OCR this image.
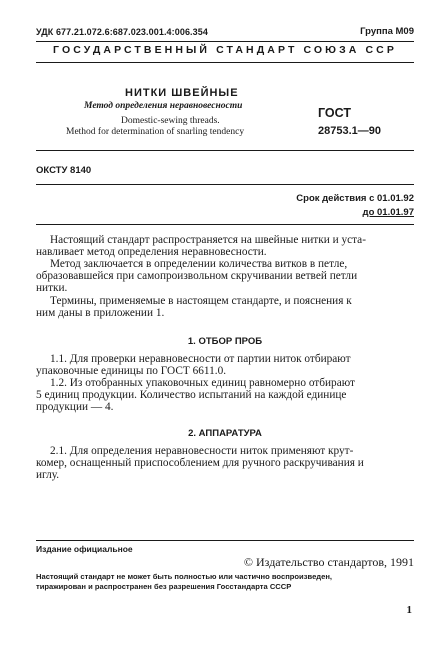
УДК 677.21.072.6:687.023.001.4:006.354	Группа М09
ГОСУДАРСТВЕННЫЙ СТАНДАРТ СОЮЗА ССР
НИТКИ ШВЕЙНЫЕ
Метод определения неравновесности
Domestic-sewing threads.
Method for determination of snarling tendency
ГОСТ
28753.1—90
ОКСТУ 8140
Срок действия с 01.01.92
до 01.01.97
Настоящий стандарт распространяется на швейные нитки и уста-
навливает метод определения неравновесности.
Метод заключается в определении количества витков в петле,
образовавшейся при самопроизвольном скручивании ветвей петли
нитки.
Термины, применяемые в настоящем стандарте, и пояснения к
ним даны в приложении 1.
1. ОТБОР ПРОБ
1.1. Для проверки неравновесности от партии ниток отбирают
упаковочные единицы по ГОСТ 6611.0.
1.2. Из отобранных упаковочных единиц равномерно отбирают
5 единиц продукции. Количество испытаний на каждой единице
продукции — 4.
2. АППАРАТУРА
2.1. Для определения неравновесности ниток применяют крут-
комер, оснащенный приспособлением для ручного раскручивания и
иглу.
Издание официальное
© Издательство стандартов, 1991
Настоящий стандарт не может быть полностью или частично воспроизведен,
тиражирован и распространен без разрешения Госстандарта СССР
1
